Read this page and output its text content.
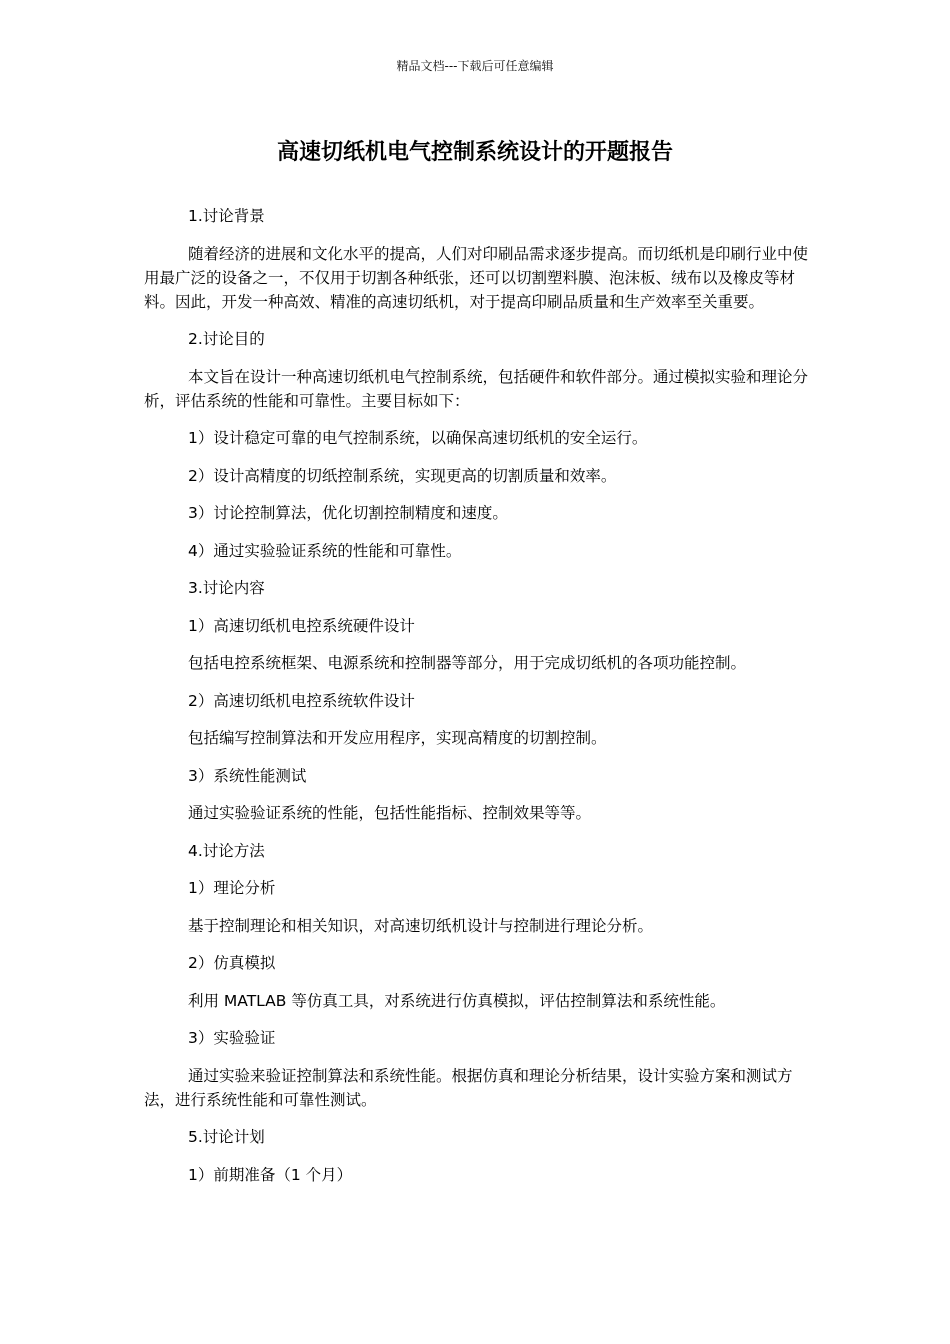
精品文档---下载后可任意编辑
高速切纸机电气控制系统设计的开题报告

1.讨论背景

随着经济的进展和文化水平的提高，人们对印刷品需求逐步提高。而切纸机是印刷行业中使用最广泛的设备之一，不仅用于切割各种纸张，还可以切割塑料膜、泡沫板、绒布以及橡皮等材料。因此，开发一种高效、精准的高速切纸机，对于提高印刷品质量和生产效率至关重要。

2.讨论目的

本文旨在设计一种高速切纸机电气控制系统，包括硬件和软件部分。通过模拟实验和理论分析，评估系统的性能和可靠性。主要目标如下：

1）设计稳定可靠的电气控制系统，以确保高速切纸机的安全运行。

2）设计高精度的切纸控制系统，实现更高的切割质量和效率。

3）讨论控制算法，优化切割控制精度和速度。

4）通过实验验证系统的性能和可靠性。

3.讨论内容

1）高速切纸机电控系统硬件设计

包括电控系统框架、电源系统和控制器等部分，用于完成切纸机的各项功能控制。

2）高速切纸机电控系统软件设计

包括编写控制算法和开发应用程序，实现高精度的切割控制。

3）系统性能测试

通过实验验证系统的性能，包括性能指标、控制效果等等。

4.讨论方法

1）理论分析

基于控制理论和相关知识，对高速切纸机设计与控制进行理论分析。

2）仿真模拟

利用 MATLAB 等仿真工具，对系统进行仿真模拟，评估控制算法和系统性能。

3）实验验证

通过实验来验证控制算法和系统性能。根据仿真和理论分析结果，设计实验方案和测试方法，进行系统性能和可靠性测试。

5.讨论计划

1）前期准备（1 个月）
